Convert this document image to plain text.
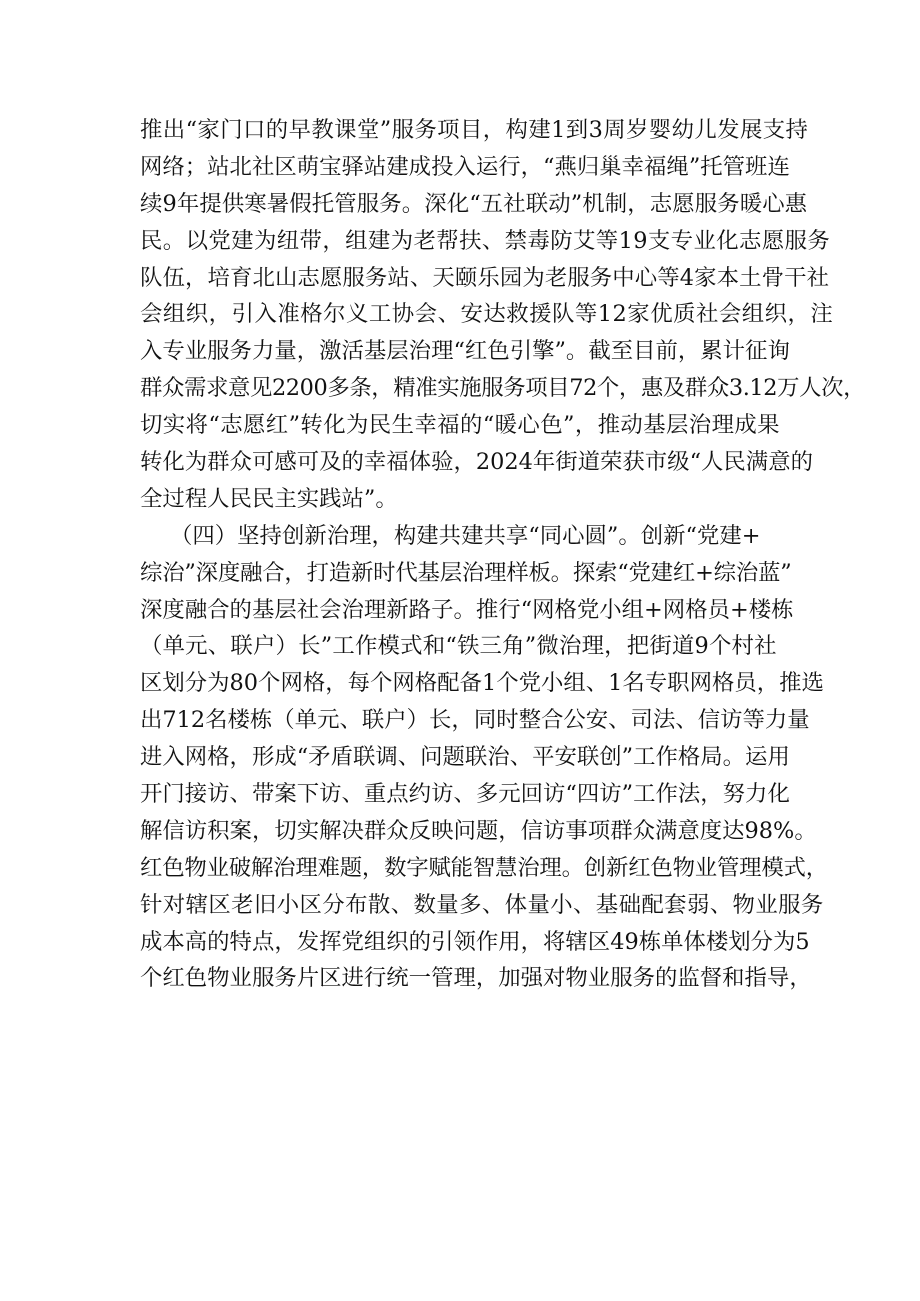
推出“家门口的早教课堂”服务项目，构建1到3周岁婴幼儿发展支持
网络；站北社区萌宝驿站建成投入运行，“燕归巢幸福绳”托管班连
续9年提供寒暑假托管服务。深化“五社联动”机制，志愿服务暖心惠
民。以党建为纽带，组建为老帮扶、禁毒防艾等19支专业化志愿服务
队伍，培育北山志愿服务站、天颐乐园为老服务中心等4家本土骨干社
会组织，引入准格尔义工协会、安达救援队等12家优质社会组织，注
入专业服务力量，激活基层治理“红色引擎”。截至目前，累计征询
群众需求意见2200多条，精准实施服务项目72个，惠及群众3.12万人次，
切实将“志愿红”转化为民生幸福的“暖心色”，推动基层治理成果
转化为群众可感可及的幸福体验，2024年街道荣获市级“人民满意的
全过程人民民主实践站”。
（四）坚持创新治理，构建共建共享“同心圆”。创新“党建+
综治”深度融合，打造新时代基层治理样板。探索“党建红+综治蓝”
深度融合的基层社会治理新路子。推行“网格党小组+网格员+楼栋
（单元、联户）长”工作模式和“铁三角”微治理，把街道9个村社
区划分为80个网格，每个网格配备1个党小组、1名专职网格员，推选
出712名楼栋（单元、联户）长，同时整合公安、司法、信访等力量
进入网格，形成“矛盾联调、问题联治、平安联创”工作格局。运用
开门接访、带案下访、重点约访、多元回访“四访”工作法，努力化
解信访积案，切实解决群众反映问题，信访事项群众满意度达98%。
红色物业破解治理难题，数字赋能智慧治理。创新红色物业管理模式，
针对辖区老旧小区分布散、数量多、体量小、基础配套弱、物业服务
成本高的特点，发挥党组织的引领作用，将辖区49栋单体楼划分为5
个红色物业服务片区进行统一管理，加强对物业服务的监督和指导，
